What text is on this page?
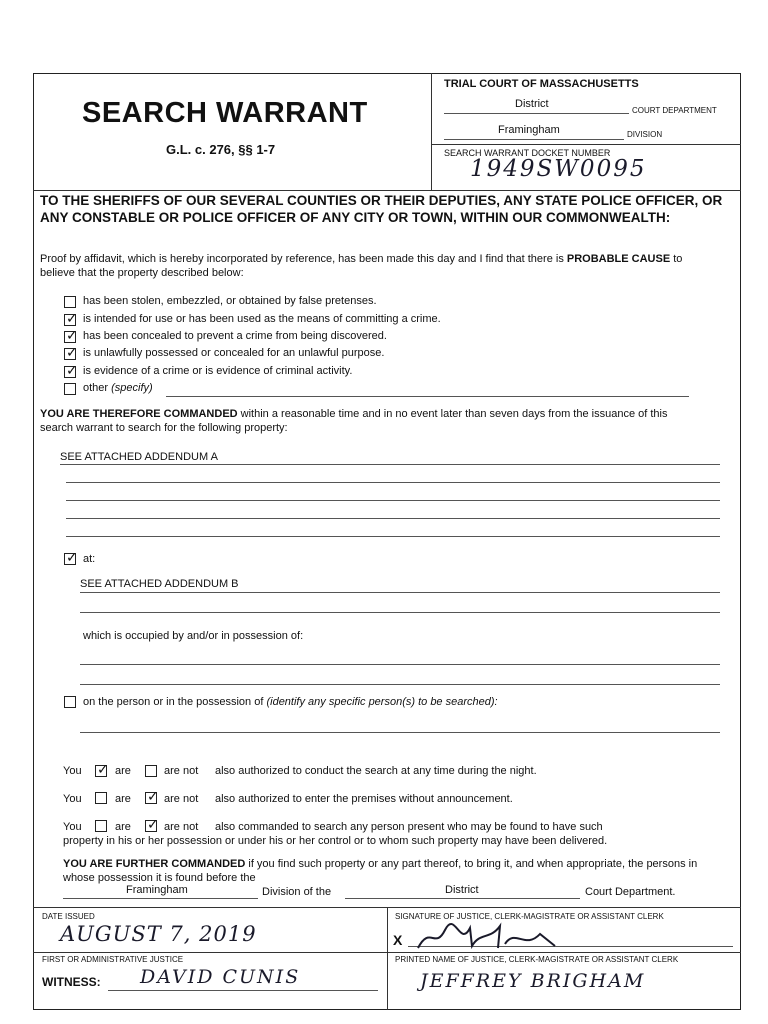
SEARCH WARRANT
G.L. c. 276, §§ 1-7
TRIAL COURT OF MASSACHUSETTS
District
COURT DEPARTMENT
Framingham	DIVISION
SEARCH WARRANT DOCKET NUMBER
1949SW0095
TO THE SHERIFFS OF OUR SEVERAL COUNTIES OR THEIR DEPUTIES, ANY STATE POLICE OFFICER, OR ANY CONSTABLE OR POLICE OFFICER OF ANY CITY OR TOWN, WITHIN OUR COMMONWEALTH:
Proof by affidavit, which is hereby incorporated by reference, has been made this day and I find that there is PROBABLE CAUSE to believe that the property described below:
has been stolen, embezzled, or obtained by false pretenses.
✓ is intended for use or has been used as the means of committing a crime.
✓ has been concealed to prevent a crime from being discovered.
✓ is unlawfully possessed or concealed for an unlawful purpose.
✓ is evidence of a crime or is evidence of criminal activity.
other (specify)
YOU ARE THEREFORE COMMANDED within a reasonable time and in no event later than seven days from the issuance of this search warrant to search for the following property:
SEE ATTACHED ADDENDUM A
✓ at:
SEE ATTACHED ADDENDUM B
which is occupied by and/or in possession of:
on the person or in the possession of (identify any specific person(s) to be searched):
You ✓ are	are not also authorized to conduct the search at any time during the night.
You	are ✓ are not also authorized to enter the premises without announcement.
You	are ✓ are not also commanded to search any person present who may be found to have such
property in his or her possession or under his or her control or to whom such property may have been delivered.
YOU ARE FURTHER COMMANDED if you find such property or any part thereof, to bring it, and when appropriate, the persons in whose possession it is found before the
Framingham	Division of the	District	Court Department.
DATE ISSUED
AUGUST 7, 2019
SIGNATURE OF JUSTICE, CLERK-MAGISTRATE OR ASSISTANT CLERK
X
FIRST OR ADMINISTRATIVE JUSTICE
WITNESS: DAVID CUNIS
PRINTED NAME OF JUSTICE, CLERK-MAGISTRATE OR ASSISTANT CLERK
JEFFREY BRIGHAM
